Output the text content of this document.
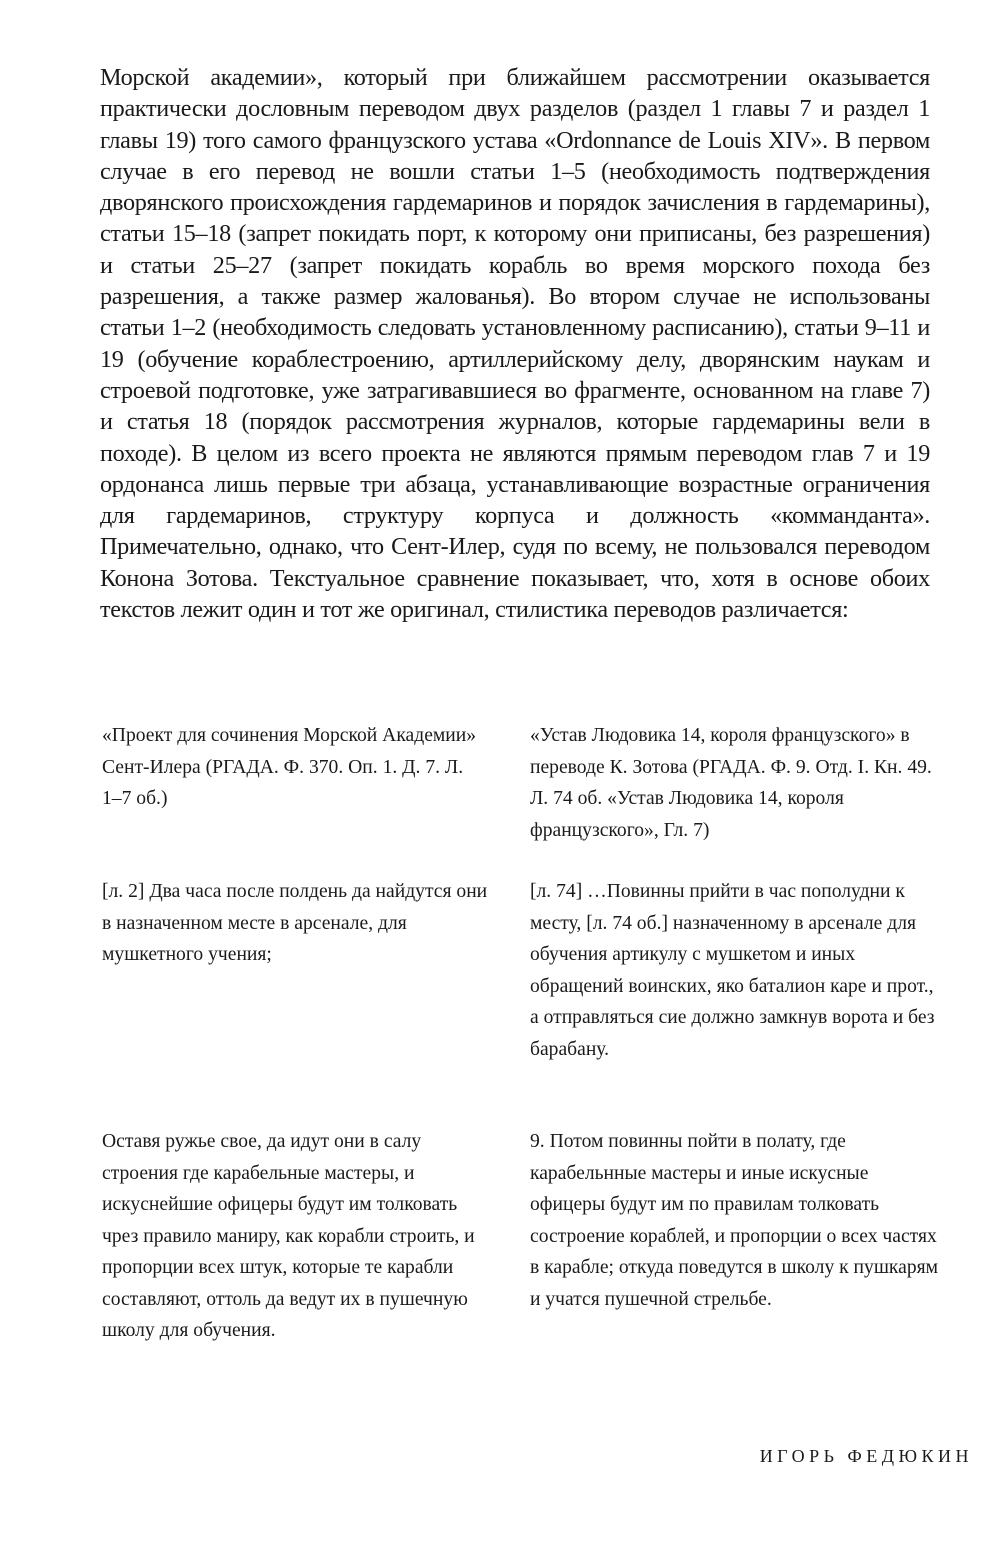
Морской академии», который при ближайшем рассмотрении оказывается практически дословным переводом двух разделов (раздел 1 главы 7 и раздел 1 главы 19) того самого французского устава «Ordonnance de Louis XIV». В первом случае в его перевод не вошли статьи 1–5 (необходимость подтверждения дворянского происхождения гардемаринов и порядок зачисления в гардемарины), статьи 15–18 (запрет покидать порт, к которому они приписаны, без разрешения) и статьи 25–27 (запрет покидать корабль во время морского похода без разрешения, а также размер жалованья). Во втором случае не использованы статьи 1–2 (необходимость следовать установленному расписанию), статьи 9–11 и 19 (обучение кораблестроению, артиллерийскому делу, дворянским наукам и строевой подготовке, уже затрагивавшиеся во фрагменте, основанном на главе 7) и статья 18 (порядок рассмотрения журналов, которые гардемарины вели в походе). В целом из всего проекта не являются прямым переводом глав 7 и 19 ордонанса лишь первые три абзаца, устанавливающие возрастные ограничения для гардемаринов, структуру корпуса и должность «комманданта». Примечательно, однако, что Сент-Илер, судя по всему, не пользовался переводом Конона Зотова. Текстуальное сравнение показывает, что, хотя в основе обоих текстов лежит один и тот же оригинал, стилистика переводов различается:

«Проект для сочинения Морской Академии» Сент-Илера (РГАДА. Ф. 370. Оп. 1. Д. 7. Л. 1–7 об.)

«Устав Людовика 14, короля французского» в переводе К. Зотова (РГАДА. Ф. 9. Отд. I. Кн. 49. Л. 74 об. «Устав Людовика 14, короля французского», Гл. 7)

[л. 2] Два часа после полдень да найдутся они в назначенном месте в арсенале, для мушкетного учения;

[л. 74] …Повинны прийти в час пополудни к месту, [л. 74 об.] назначенному в арсенале для обучения артикулу с мушкетом и иных обращений воинских, яко баталион каре и прот., а отправляться сие должно замкнув ворота и без барабану.

Оставя ружье свое, да идут они в салу строения где карабельные мастеры, и искуснейшие офицеры будут им толковать чрез правило маниру, как корабли строить, и пропорции всех штук, которые те карабли составляют, оттоль да ведут их в пушечную школу для обучения.

9. Потом повинны пойти в полату, где карабельнные мастеры и иные искусные офицеры будут им по правилам толковать состроение кораблей, и пропорции о всех частях в карабле; откуда поведутся в школу к пушкарям и учатся пушечной стрельбе.

ИГОРЬ ФЕДЮКИН
